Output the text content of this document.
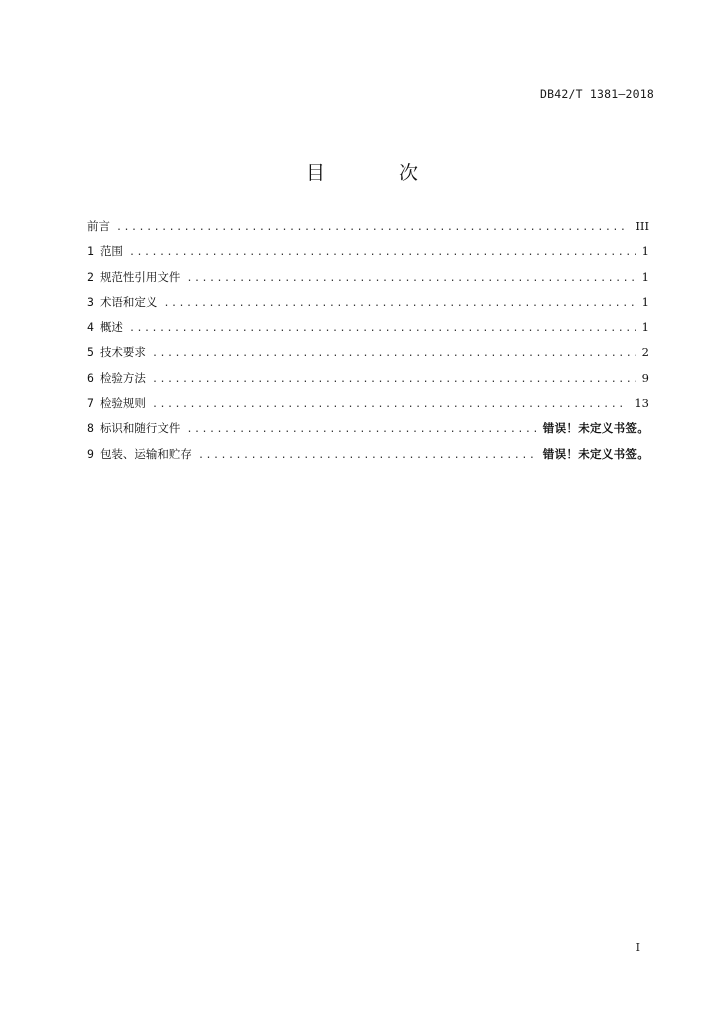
DB42/T 1381—2018
目 次
前言 .....	III
1 范围 .....	1
2 规范性引用文件 .....	1
3 术语和定义 .....	1
4 概述 .....	1
5 技术要求 .....	2
6 检验方法 .....	9
7 检验规则 .....	13
8 标识和随行文件 .....	错误！未定义书签。
9 包装、运输和贮存 .....	错误！未定义书签。
I
